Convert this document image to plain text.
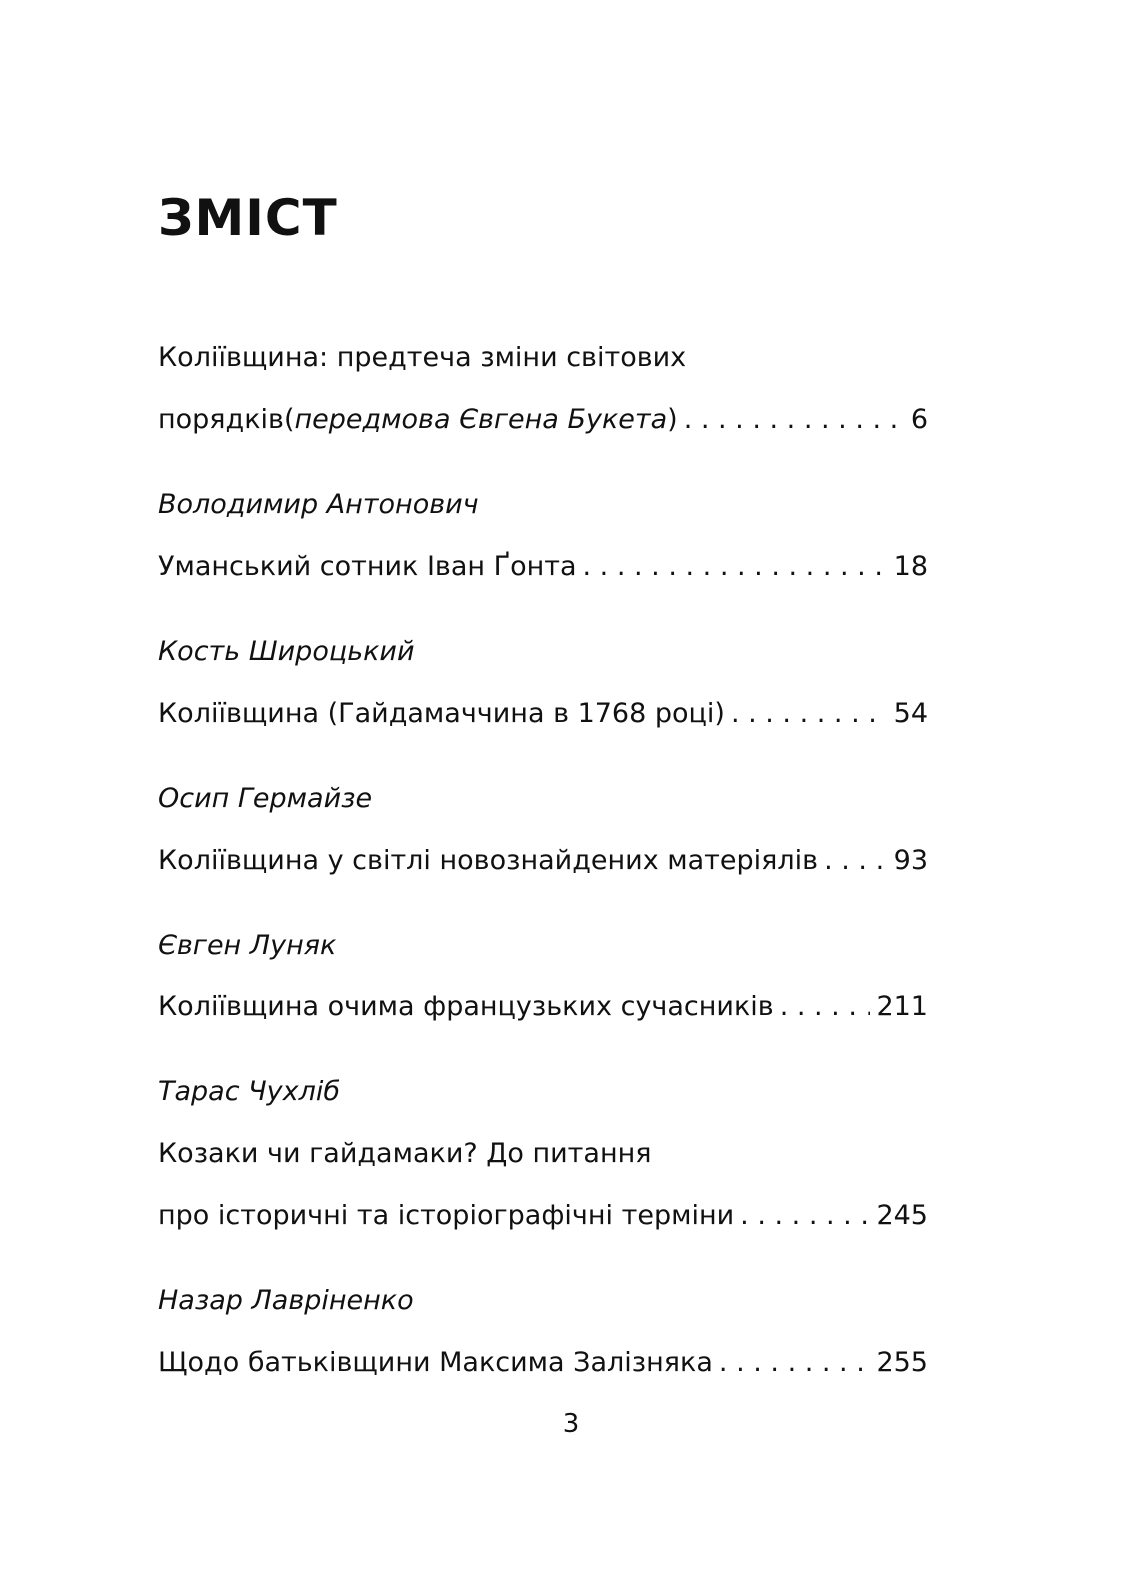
ЗМІСТ
Коліївщина: предтеча зміни світових
порядків(передмова Євгена Букета) . . .	6
Володимир Антонович
Уманський сотник Іван Ґонта . . .	18
Кость Широцький
Коліївщина (Гайдамаччина в 1768 році) . . .	54
Осип Гермайзе
Коліївщина у світлі новознайдених матеріялів . . .	93
Євген Луняк
Коліївщина очима французьких сучасників . . .	211
Тарас Чухліб
Козаки чи гайдамаки? До питання
про історичні та історіографічні терміни . . .	245
Назар Лавріненко
Щодо батьківщини Максима Залізняка . . .	255
3
